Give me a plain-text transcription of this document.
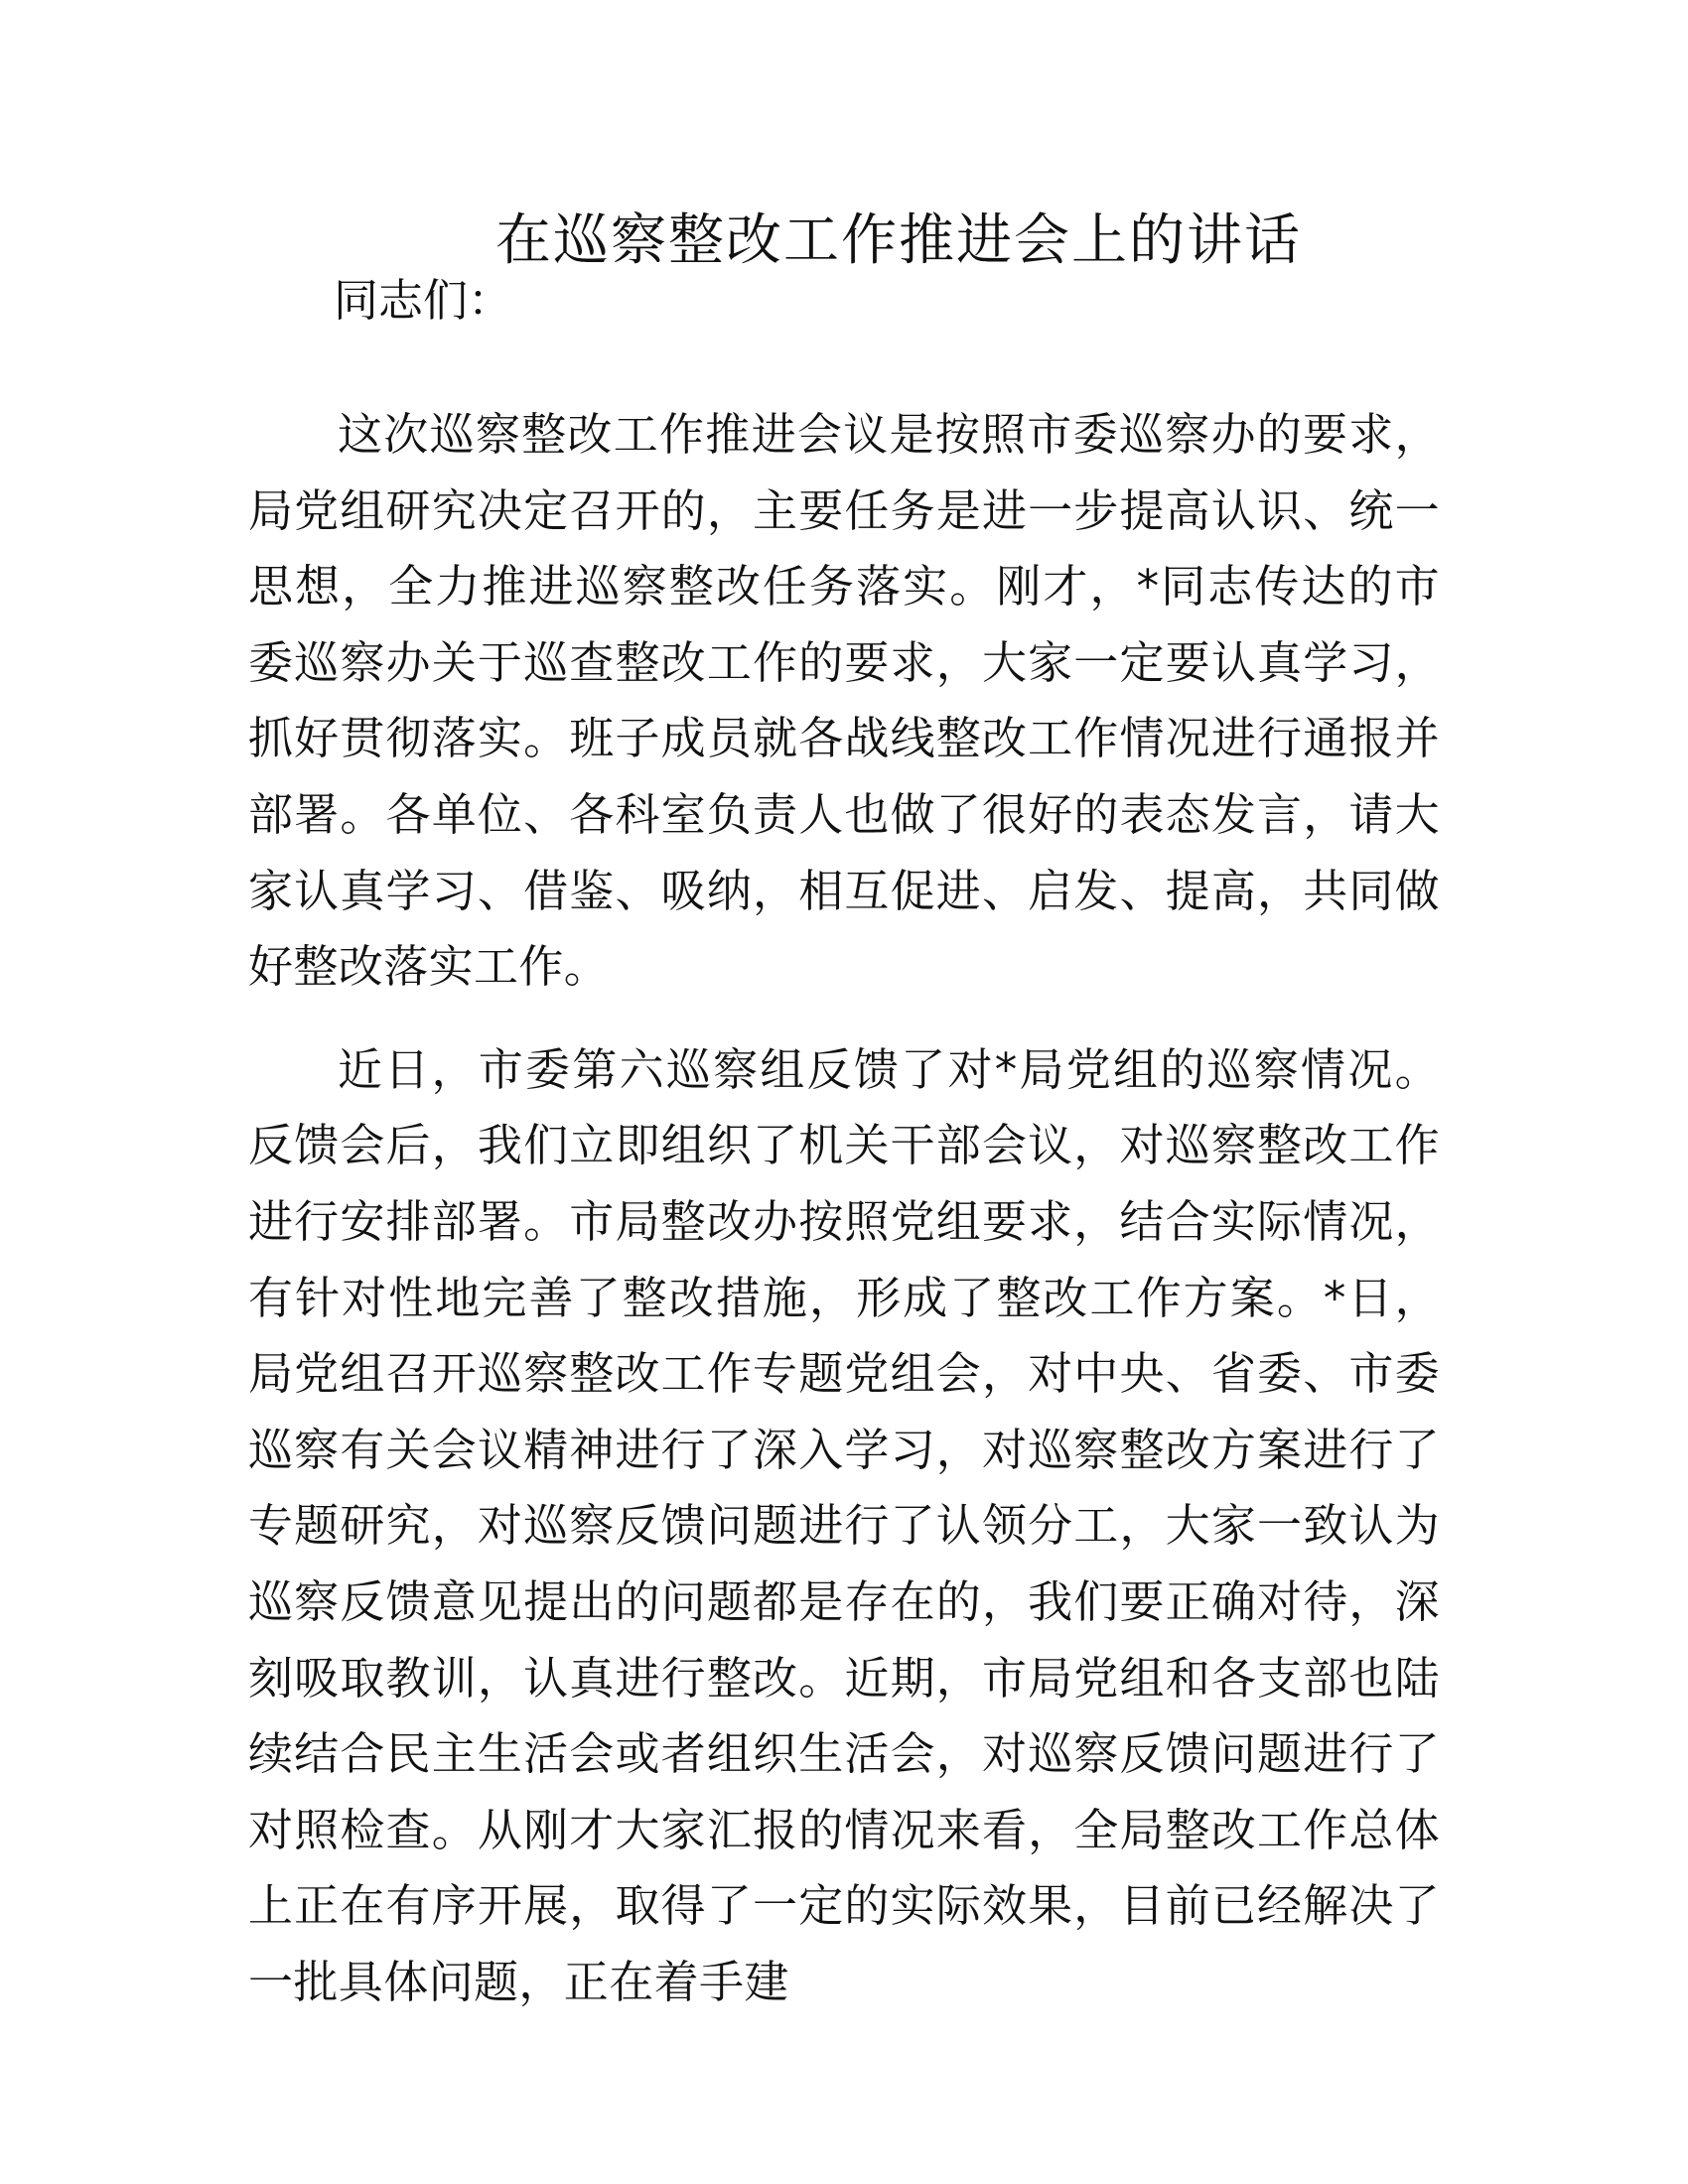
在巡察整改工作推进会上的讲话

同志们：

这次巡察整改工作推进会议是按照市委巡察办的要求，局党组研究决定召开的，主要任务是进一步提高认识、统一思想，全力推进巡察整改任务落实。刚才，*同志传达的市委巡察办关于巡查整改工作的要求，大家一定要认真学习，抓好贯彻落实。班子成员就各战线整改工作情况进行通报并部署。各单位、各科室负责人也做了很好的表态发言，请大家认真学习、借鉴、吸纳，相互促进、启发、提高，共同做好整改落实工作。

近日，市委第六巡察组反馈了对*局党组的巡察情况。反馈会后，我们立即组织了机关干部会议，对巡察整改工作进行安排部署。市局整改办按照党组要求，结合实际情况，有针对性地完善了整改措施，形成了整改工作方案。*日，局党组召开巡察整改工作专题党组会，对中央、省委、市委巡察有关会议精神进行了深入学习，对巡察整改方案进行了专题研究，对巡察反馈问题进行了认领分工，大家一致认为巡察反馈意见提出的问题都是存在的，我们要正确对待，深刻吸取教训，认真进行整改。近期，市局党组和各支部也陆续结合民主生活会或者组织生活会，对巡察反馈问题进行了对照检查。从刚才大家汇报的情况来看，全局整改工作总体上正在有序开展，取得了一定的实际效果，目前已经解决了一批具体问题，正在着手建
